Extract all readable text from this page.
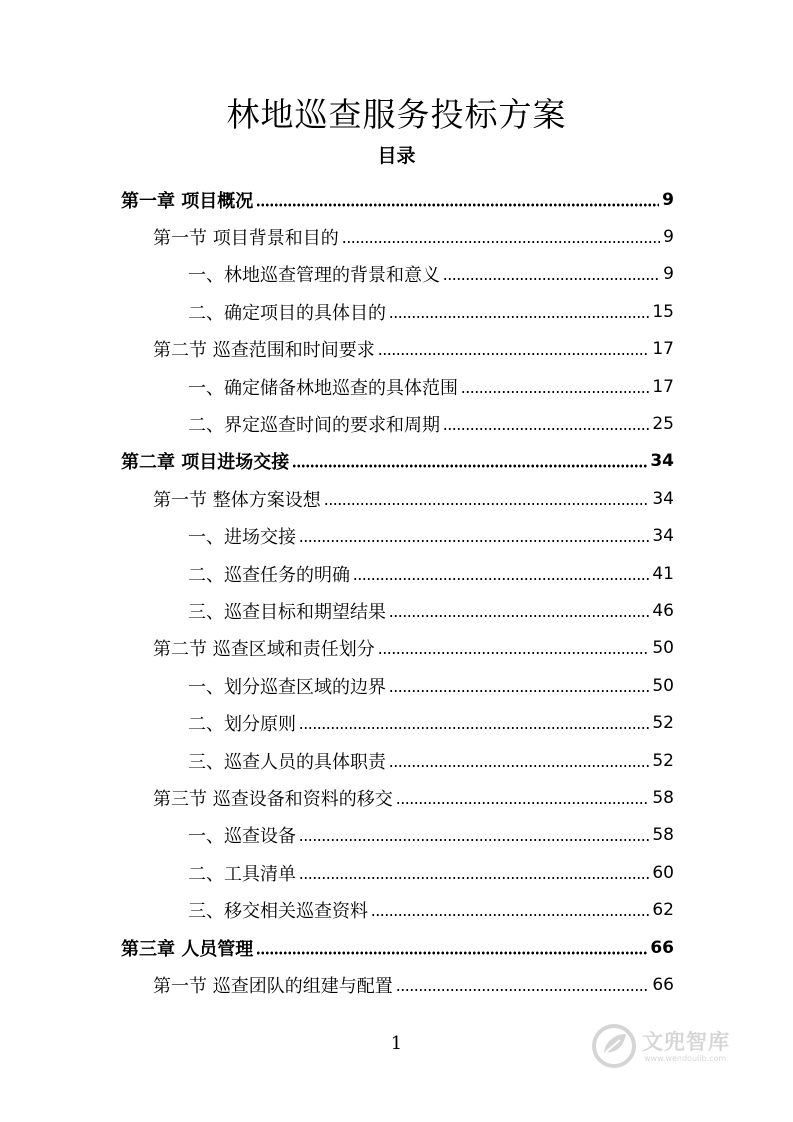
林地巡查服务投标方案
目录
第一章 项目概况	9
第一节 项目背景和目的	9
一、林地巡查管理的背景和意义	9
二、确定项目的具体目的	15
第二节 巡查范围和时间要求	17
一、确定储备林地巡查的具体范围	17
二、界定巡查时间的要求和周期	25
第二章 项目进场交接	34
第一节 整体方案设想	34
一、进场交接	34
二、巡查任务的明确	41
三、巡查目标和期望结果	46
第二节 巡查区域和责任划分	50
一、划分巡查区域的边界	50
二、划分原则	52
三、巡查人员的具体职责	52
第三节 巡查设备和资料的移交	58
一、巡查设备	58
二、工具清单	60
三、移交相关巡查资料	62
第三章 人员管理	66
第一节 巡查团队的组建与配置	66
1	文兜智库
www.wendoulib.com
